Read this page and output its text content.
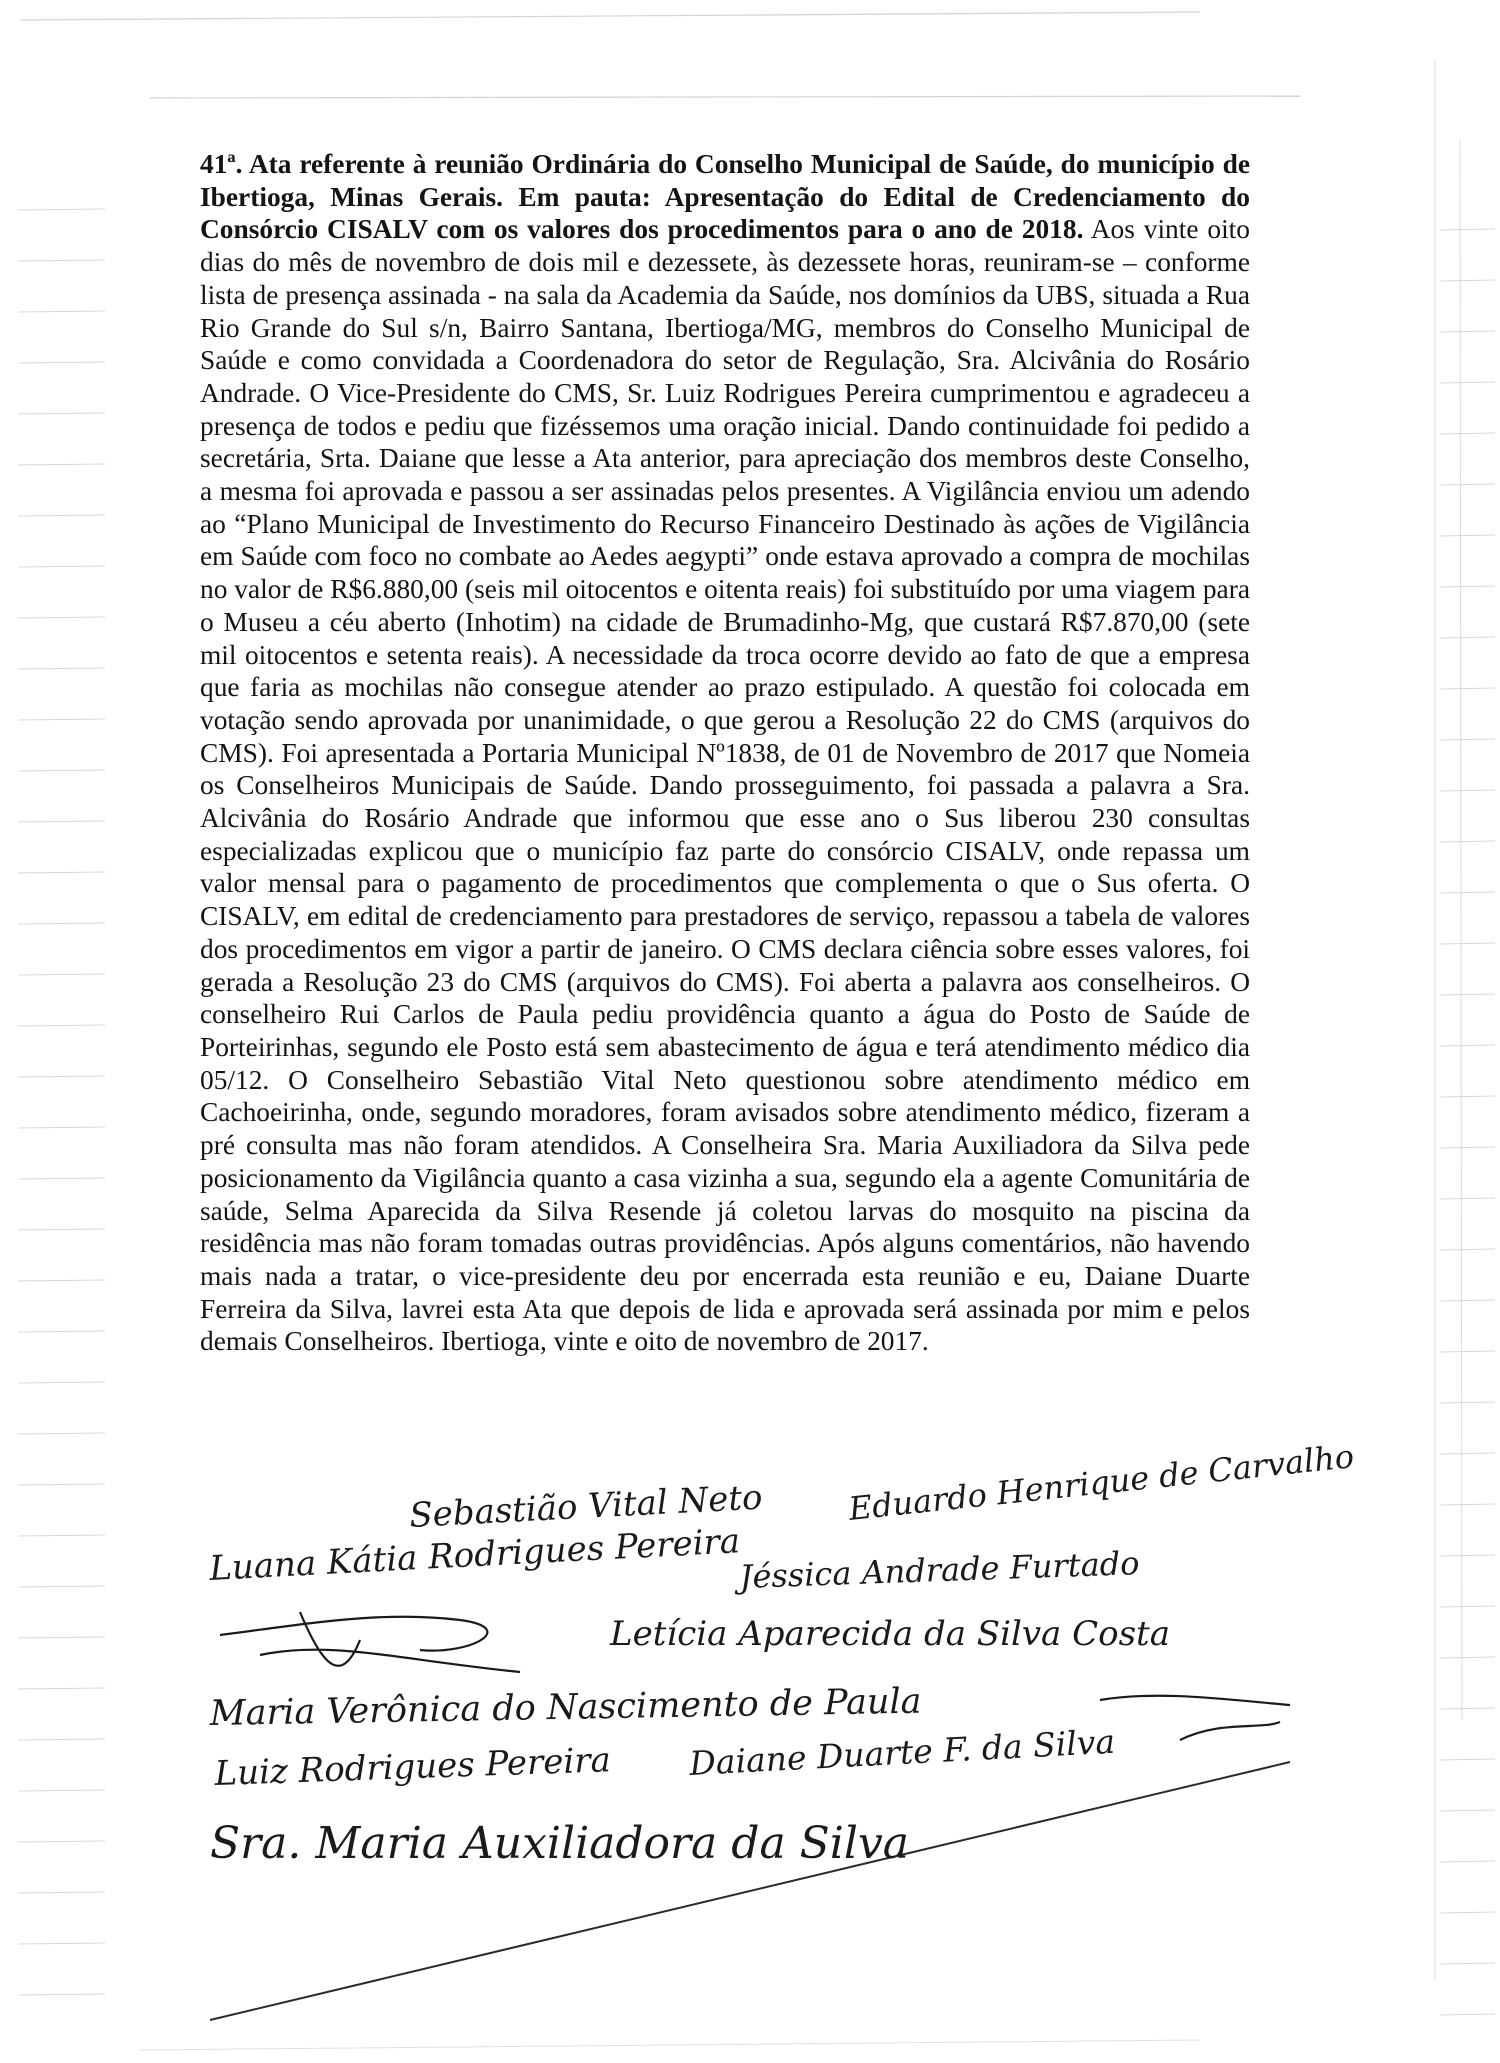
41ª. Ata referente à reunião Ordinária do Conselho Municipal de Saúde, do município de Ibertioga, Minas Gerais. Em pauta: Apresentação do Edital de Credenciamento do Consórcio CISALV com os valores dos procedimentos para o ano de 2018. Aos vinte oito dias do mês de novembro de dois mil e dezessete, às dezessete horas, reuniram-se – conforme lista de presença assinada - na sala da Academia da Saúde, nos domínios da UBS, situada a Rua Rio Grande do Sul s/n, Bairro Santana, Ibertioga/MG, membros do Conselho Municipal de Saúde e como convidada a Coordenadora do setor de Regulação, Sra. Alcivânia do Rosário Andrade. O Vice-Presidente do CMS, Sr. Luiz Rodrigues Pereira cumprimentou e agradeceu a presença de todos e pediu que fizéssemos uma oração inicial. Dando continuidade foi pedido a secretária, Srta. Daiane que lesse a Ata anterior, para apreciação dos membros deste Conselho, a mesma foi aprovada e passou a ser assinadas pelos presentes. A Vigilância enviou um adendo ao “Plano Municipal de Investimento do Recurso Financeiro Destinado às ações de Vigilância em Saúde com foco no combate ao Aedes aegypti” onde estava aprovado a compra de mochilas no valor de R$6.880,00 (seis mil oitocentos e oitenta reais) foi substituído por uma viagem para o Museu a céu aberto (Inhotim) na cidade de Brumadinho-Mg, que custará R$7.870,00 (sete mil oitocentos e setenta reais). A necessidade da troca ocorre devido ao fato de que a empresa que faria as mochilas não consegue atender ao prazo estipulado. A questão foi colocada em votação sendo aprovada por unanimidade, o que gerou a Resolução 22 do CMS (arquivos do CMS). Foi apresentada a Portaria Municipal Nº1838, de 01 de Novembro de 2017 que Nomeia os Conselheiros Municipais de Saúde. Dando prosseguimento, foi passada a palavra a Sra. Alcivânia do Rosário Andrade que informou que esse ano o Sus liberou 230 consultas especializadas explicou que o município faz parte do consórcio CISALV, onde repassa um valor mensal para o pagamento de procedimentos que complementa o que o Sus oferta. O CISALV, em edital de credenciamento para prestadores de serviço, repassou a tabela de valores dos procedimentos em vigor a partir de janeiro. O CMS declara ciência sobre esses valores, foi gerada a Resolução 23 do CMS (arquivos do CMS). Foi aberta a palavra aos conselheiros. O conselheiro Rui Carlos de Paula pediu providência quanto a água do Posto de Saúde de Porteirinhas, segundo ele Posto está sem abastecimento de água e terá atendimento médico dia 05/12. O Conselheiro Sebastião Vital Neto questionou sobre atendimento médico em Cachoeirinha, onde, segundo moradores, foram avisados sobre atendimento médico, fizeram a pré consulta mas não foram atendidos. A Conselheira Sra. Maria Auxiliadora da Silva pede posicionamento da Vigilância quanto a casa vizinha a sua, segundo ela a agente Comunitária de saúde, Selma Aparecida da Silva Resende já coletou larvas do mosquito na piscina da residência mas não foram tomadas outras providências. Após alguns comentários, não havendo mais nada a tratar, o vice-presidente deu por encerrada esta reunião e eu, Daiane Duarte Ferreira da Silva, lavrei esta Ata que depois de lida e aprovada será assinada por mim e pelos demais Conselheiros. Ibertioga, vinte e oito de novembro de 2017.

Sebastião Vital Neto	Eduardo Henrique de Carvalho
Luana Kátia Rodrigues Pereira
Jéssica Andrade Furtado
Letícia Aparecida da Silva Costa
Maria Verônica do Nascimento de Paula
Luiz Rodrigues Pereira Daiane Duarte F. da Silva
Sra. Maria Auxiliadora da Silva
